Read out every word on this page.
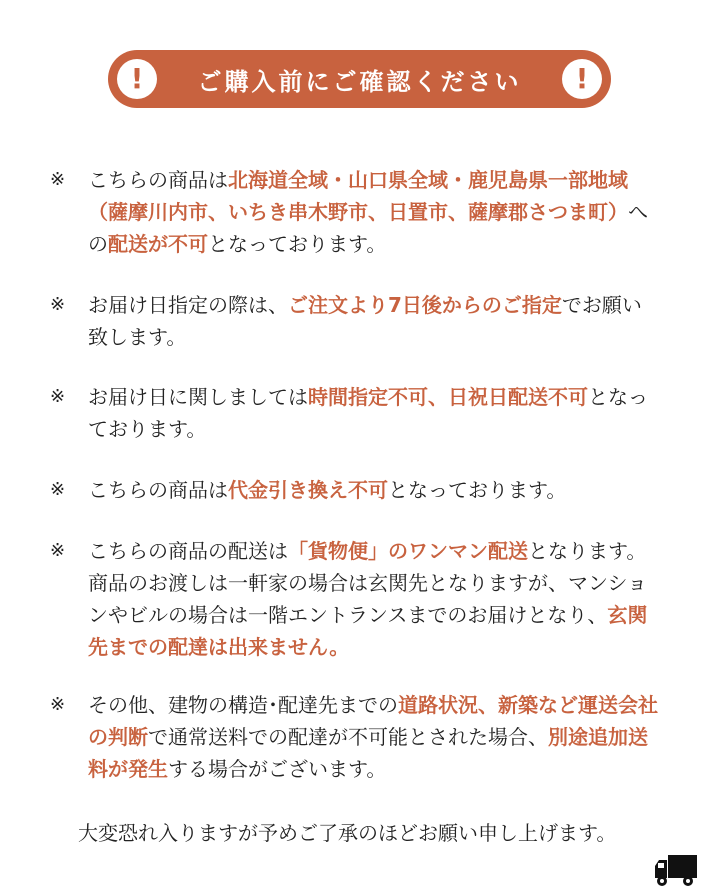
!	ご購入前にご確認ください	!
※	こちらの商品は北海道全域・山口県全域・鹿児島県一部地域（薩摩川内市、いちき串木野市、日置市、薩摩郡さつま町）への配送が不可となっております。
※	お届け日指定の際は、ご注文より7日後からのご指定でお願い致します。
※	お届け日に関しましては時間指定不可、日祝日配送不可となっております。
※	こちらの商品は代金引き換え不可となっております。
※	こちらの商品の配送は「貨物便」のワンマン配送となります。商品のお渡しは一軒家の場合は玄関先となりますが、マンションやビルの場合は一階エントランスまでのお届けとなり、玄関先までの配達は出来ません。
※	その他、建物の構造･配達先までの道路状況、新築など運送会社の判断で通常送料での配達が不可能とされた場合、別途追加送料が発生する場合がございます。
大変恐れ入りますが予めご了承のほどお願い申し上げます。
